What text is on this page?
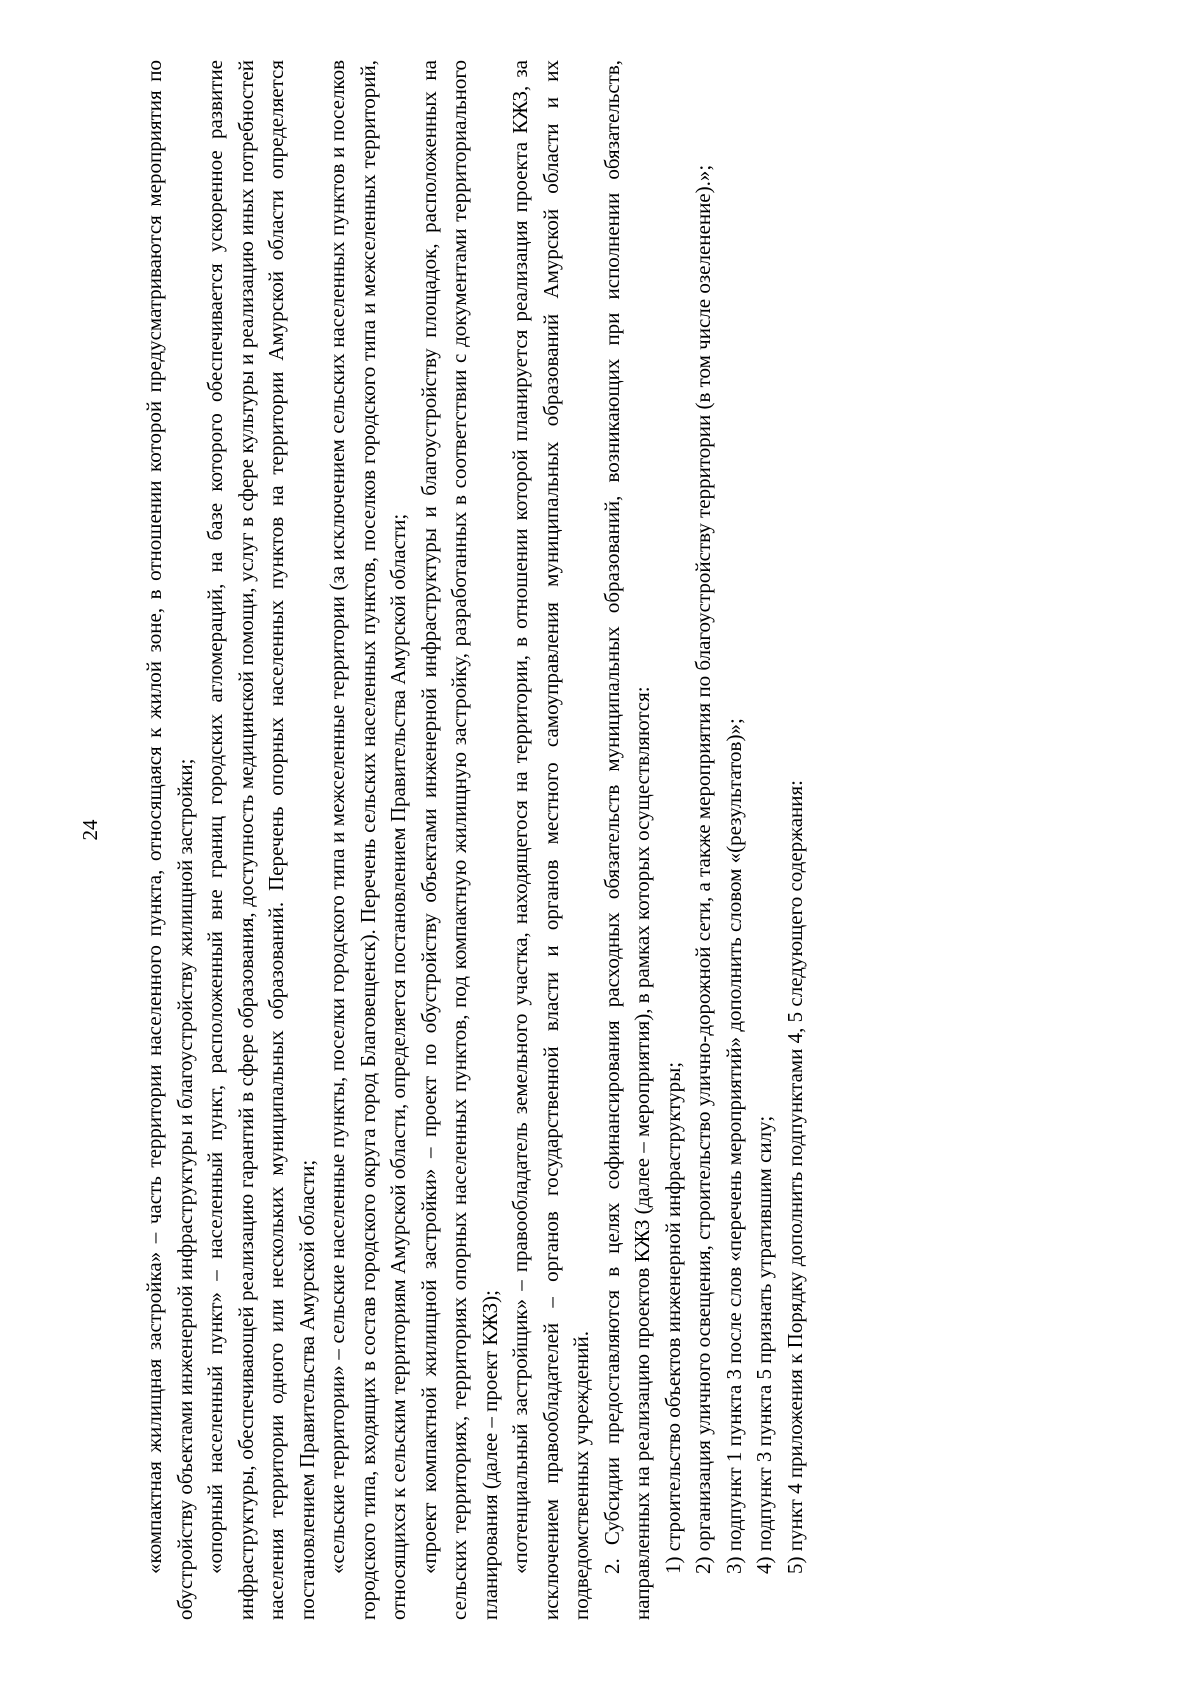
24 «компактная жилищная застройка» – часть территории населенного пункта, относящаяся к жилой зоне, в отношении которой предусматриваются мероприятия по обустройству объектами инженерной инфраструктуры и благоустройству жилищной застройки; «опорный населенный пункт» – населенный пункт, расположенный вне границ городских агломераций, на базе которого обеспечивается ускоренное развитие инфраструктуры, обеспечивающей реализацию гарантий в сфере образования, доступность медицинской помощи, услуг в сфере культуры и реализацию иных потребностей населения территории одного или нескольких муниципальных образований. Перечень опорных населенных пунктов на территории Амурской области определяется постановлением Правительства Амурской области; «сельские территории» – сельские населенные пункты, поселки городского типа и межселенные территории (за исключением сельских населенных пунктов и поселков городского типа, входящих в состав городского округа город Благовещенск). Перечень сельских населенных пунктов, поселков городского типа и межселенных территорий, относящихся к сельским территориям Амурской области, определяется постановлением Правительства Амурской области; «проект компактной жилищной застройки» – проект по обустройству объектами инженерной инфраструктуры и благоустройству площадок, расположенных на сельских территориях, территориях опорных населенных пунктов, под компактную жилищную застройку, разработанных в соответствии с документами территориального планирования (далее – проект КЖЗ); «потенциальный застройщик» – правообладатель земельного участка, находящегося на территории, в отношении которой планируется реализация проекта КЖЗ, за исключением правообладателей – органов государственной власти и органов местного самоуправления муниципальных образований Амурской области и их подведомственных учреждений. 2. Субсидии предоставляются в целях софинансирования расходных обязательств муниципальных образований, возникающих при исполнении обязательств, направленных на реализацию проектов КЖЗ (далее – мероприятия), в рамках которых осуществляются: 1) строительство объектов инженерной инфраструктуры; 2) организация уличного освещения, строительство улично-дорожной сети, а также мероприятия по благоустройству территории (в том числе озеленение).»; 3) подпункт 1 пункта 3 после слов «перечень мероприятий» дополнить словом «(результатов)»; 4) подпункт 3 пункта 5 признать утратившим силу; 5) пункт 4 приложения к Порядку дополнить подпунктами 4, 5 следующего содержания:
